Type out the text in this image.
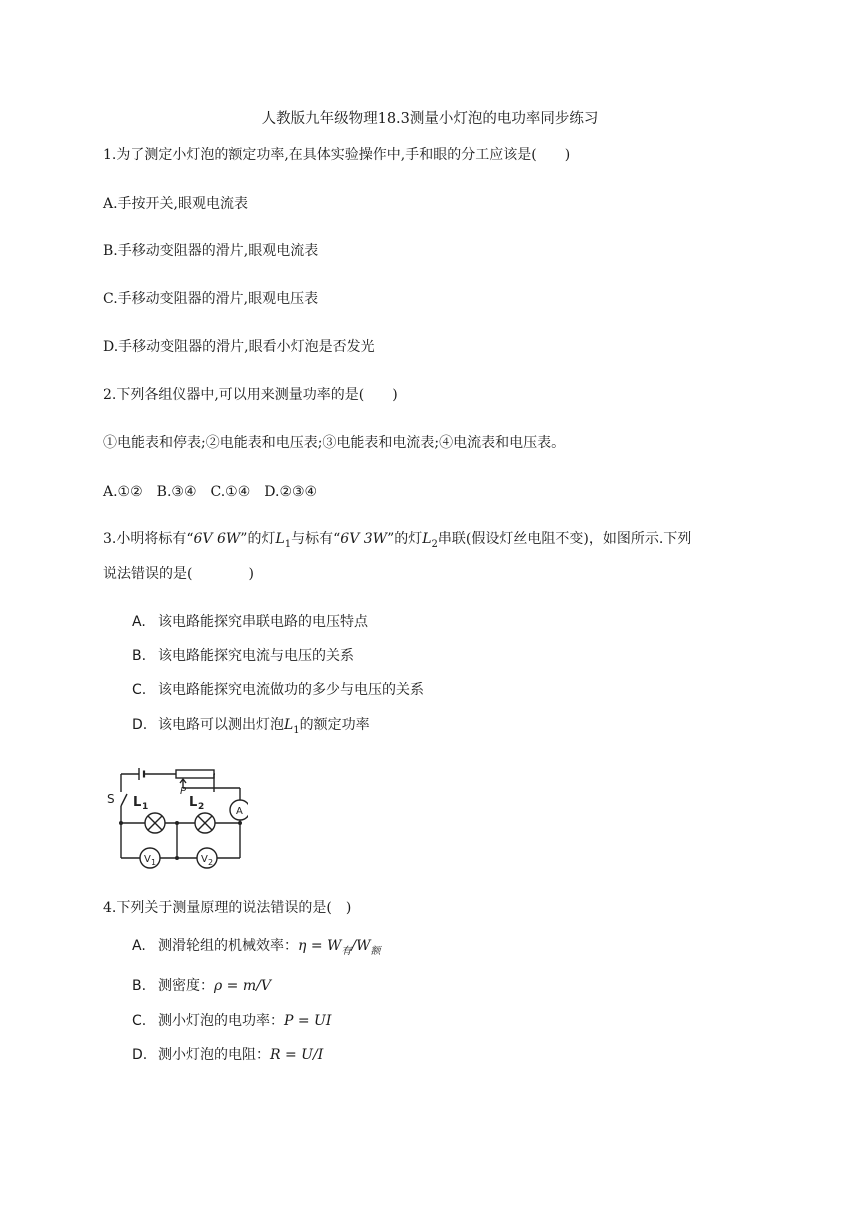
人教版九年级物理18.3测量小灯泡的电功率同步练习
1.为了测定小灯泡的额定功率,在具体实验操作中,手和眼的分工应该是(　　)
A.手按开关,眼观电流表
B.手移动变阻器的滑片,眼观电流表
C.手移动变阻器的滑片,眼观电压表
D.手移动变阻器的滑片,眼看小灯泡是否发光
2.下列各组仪器中,可以用来测量功率的是(　　)
①电能表和停表;②电能表和电压表;③电能表和电流表;④电流表和电压表。
A.①②　B.③④　C.①④　D.②③④
3.小明将标有“6V 6W”的灯$L_1$与标有“6V 3W”的灯$L_2$串联(假设灯丝电阻不变)，如图所示.下列
说法错误的是(　　　　)
A. 该电路能探究串联电路的电压特点
B. 该电路能探究电流与电压的关系
C. 该电路能探究电流做功的多少与电压的关系
D. 该电路可以测出灯泡$L_1$的额定功率
S
P
L 1	L 2	A
V 1	V 2
4.下列关于测量原理的说法错误的是(　)
A. 测滑轮组的机械效率：$\eta = W_有/W_额$
B. 测密度：ρ = m/V
C. 测小灯泡的电功率：P = UI
D. 测小灯泡的电阻：R = U/I
